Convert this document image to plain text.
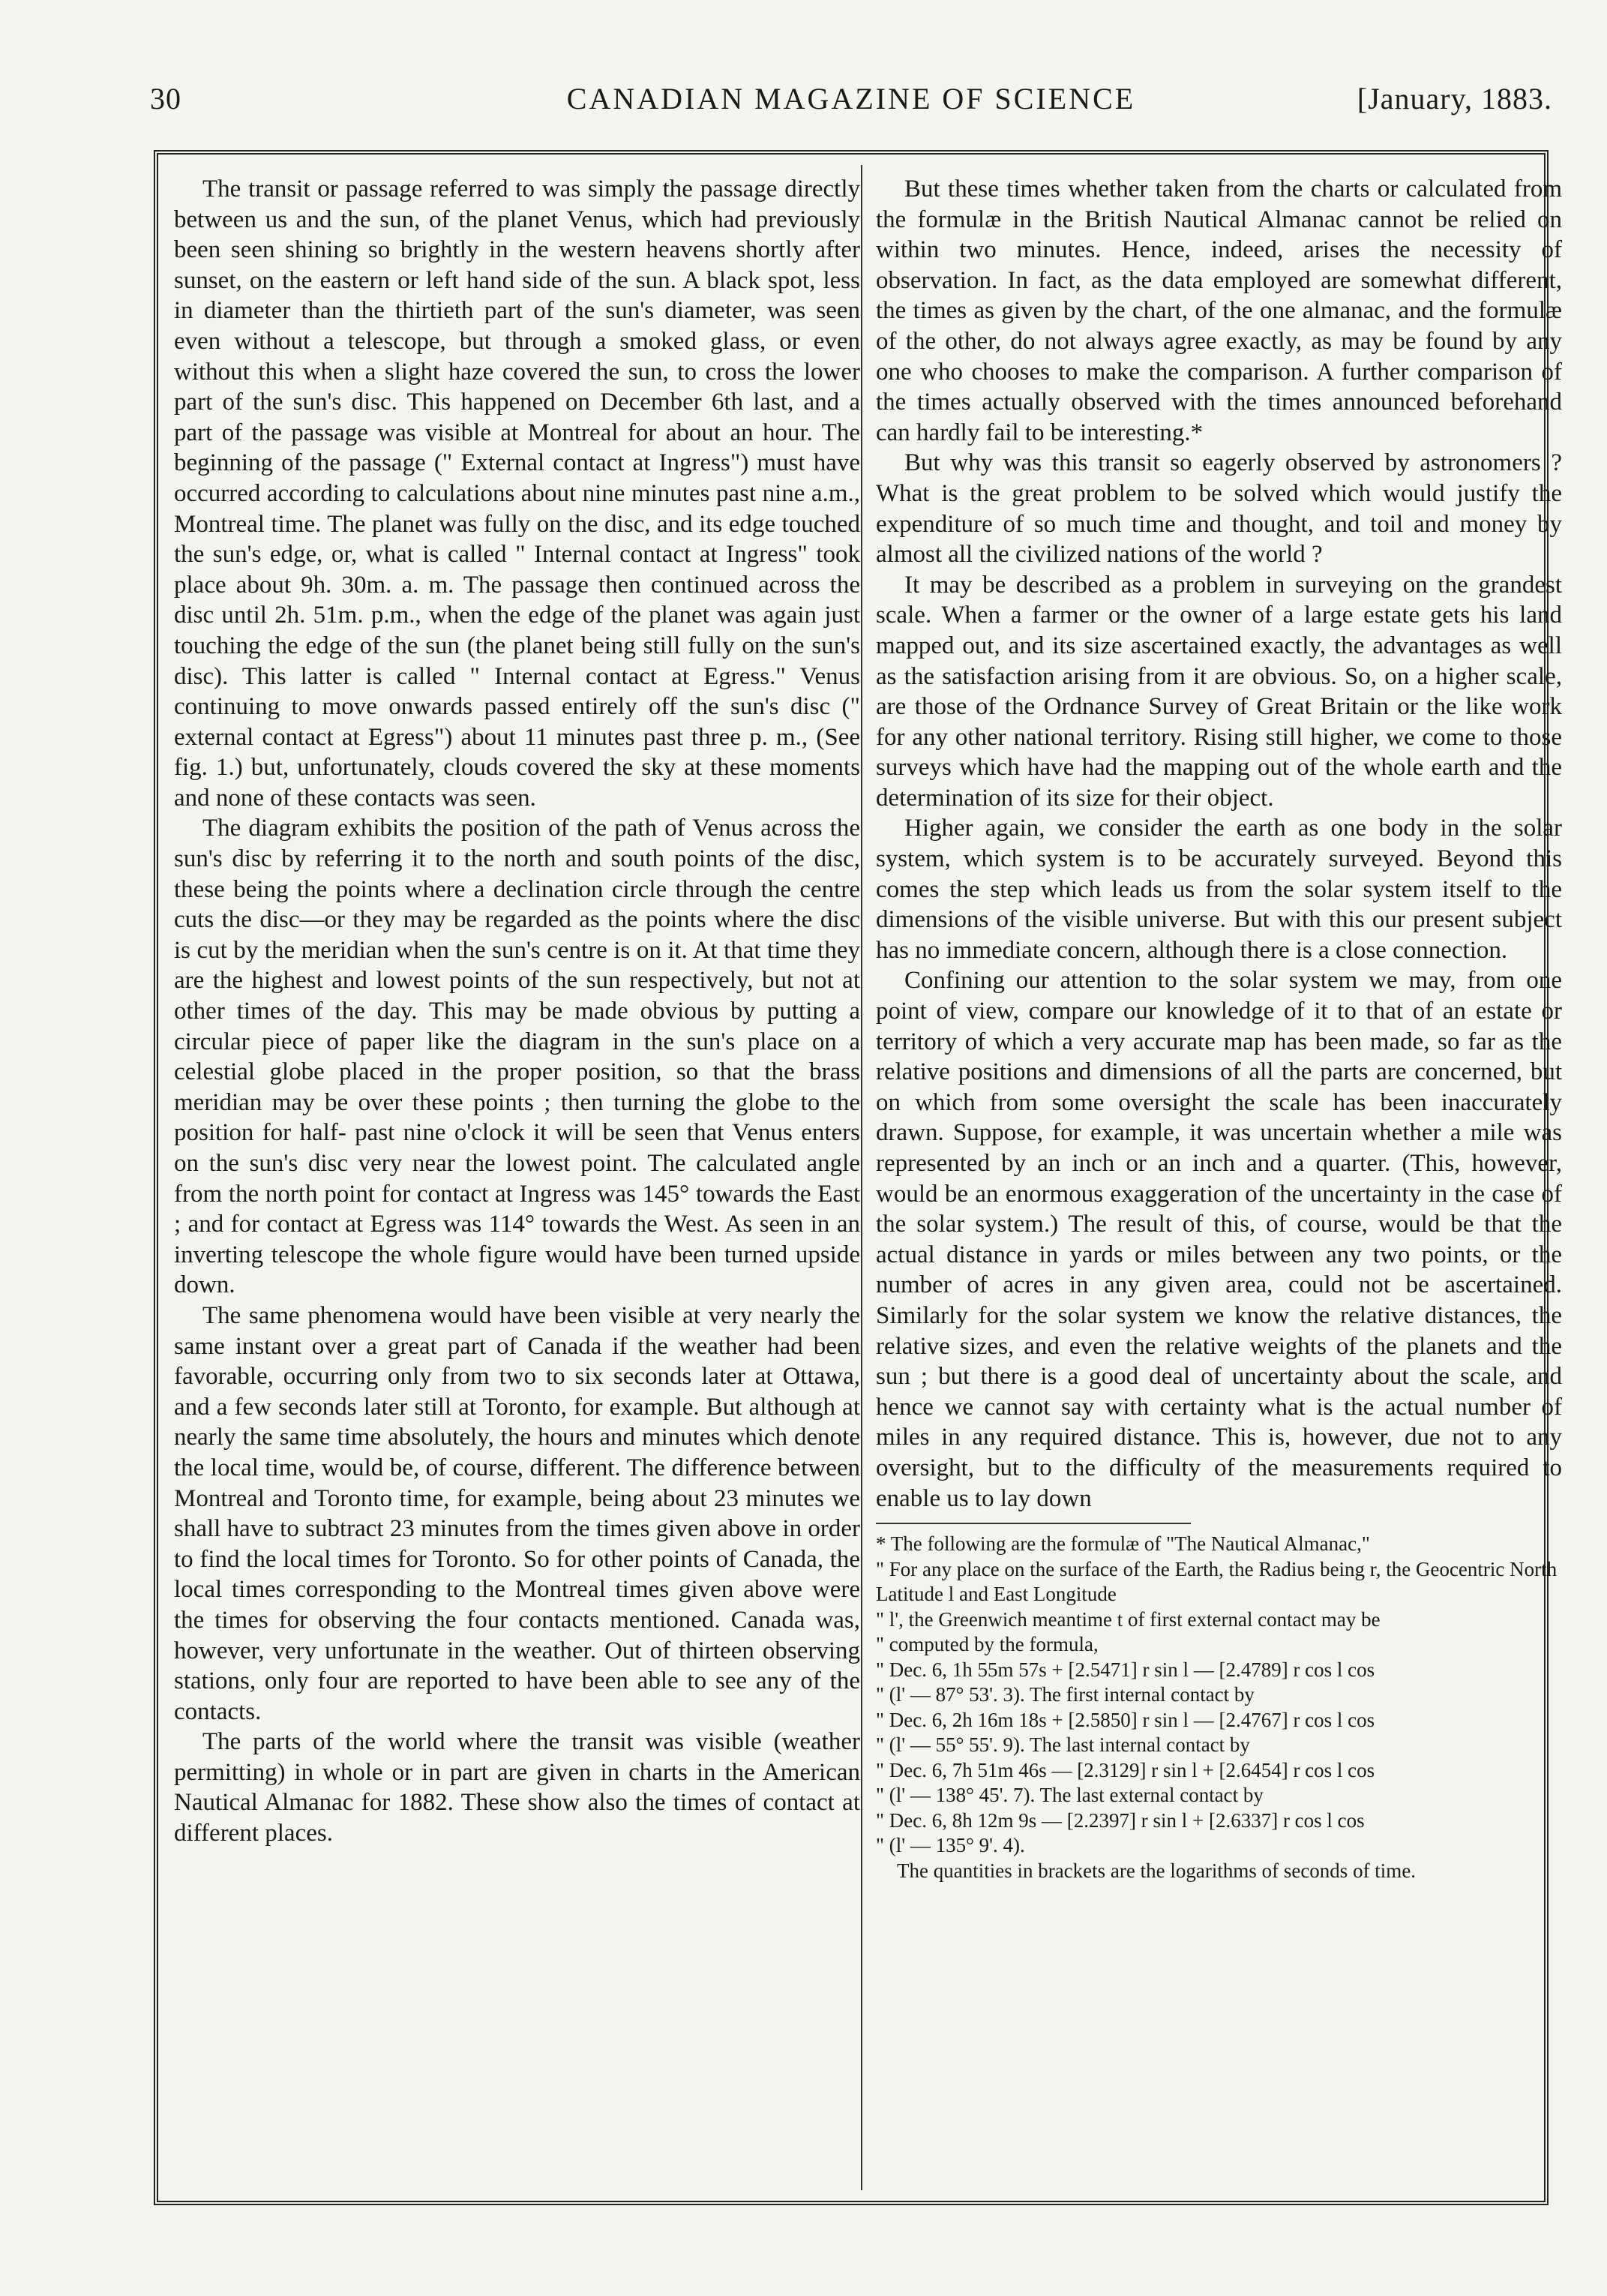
30	CANADIAN MAGAZINE OF SCIENCE	[January, 1883.

The transit or passage referred to was simply the passage directly between us and the sun, of the planet Venus, which had previously been seen shining so brightly in the western heavens shortly after sunset, on the eastern or left hand side of the sun. A black spot, less in diameter than the thirtieth part of the sun's diameter, was seen even without a telescope, but through a smoked glass, or even without this when a slight haze covered the sun, to cross the lower part of the sun's disc. This happened on December 6th last, and a part of the passage was visible at Montreal for about an hour. The beginning of the passage (" External contact at Ingress") must have occurred according to calculations about nine minutes past nine a.m., Montreal time. The planet was fully on the disc, and its edge touched the sun's edge, or, what is called " Internal contact at Ingress" took place about 9h. 30m. a. m. The passage then continued across the disc until 2h. 51m. p.m., when the edge of the planet was again just touching the edge of the sun (the planet being still fully on the sun's disc). This latter is called " Internal contact at Egress." Venus continuing to move onwards passed entirely off the sun's disc (" external contact at Egress") about 11 minutes past three p. m., (See fig. 1.) but, unfortunately, clouds covered the sky at these moments and none of these contacts was seen.

The diagram exhibits the position of the path of Venus across the sun's disc by referring it to the north and south points of the disc, these being the points where a declination circle through the centre cuts the disc—or they may be regarded as the points where the disc is cut by the meridian when the sun's centre is on it. At that time they are the highest and lowest points of the sun respectively, but not at other times of the day. This may be made obvious by putting a circular piece of paper like the diagram in the sun's place on a celestial globe placed in the proper position, so that the brass meridian may be over these points ; then turning the globe to the position for half- past nine o'clock it will be seen that Venus enters on the sun's disc very near the lowest point. The calculated angle from the north point for contact at Ingress was 145° towards the East ; and for contact at Egress was 114° towards the West. As seen in an inverting telescope the whole figure would have been turned upside down.

The same phenomena would have been visible at very nearly the same instant over a great part of Canada if the weather had been favorable, occurring only from two to six seconds later at Ottawa, and a few seconds later still at Toronto, for example. But although at nearly the same time absolutely, the hours and minutes which denote the local time, would be, of course, different. The difference between Montreal and Toronto time, for example, being about 23 minutes we shall have to subtract 23 minutes from the times given above in order to find the local times for Toronto. So for other points of Canada, the local times corresponding to the Montreal times given above were the times for observing the four contacts mentioned. Canada was, however, very unfortunate in the weather. Out of thirteen observing stations, only four are reported to have been able to see any of the contacts.

The parts of the world where the transit was visible (weather permitting) in whole or in part are given in charts in the American Nautical Almanac for 1882. These show also the times of contact at different places.

But these times whether taken from the charts or calculated from the formulæ in the British Nautical Almanac cannot be relied on within two minutes. Hence, indeed, arises the necessity of observation. In fact, as the data employed are somewhat different, the times as given by the chart, of the one almanac, and the formulæ of the other, do not always agree exactly, as may be found by any one who chooses to make the comparison. A further comparison of the times actually observed with the times announced beforehand can hardly fail to be interesting.*

But why was this transit so eagerly observed by astronomers ? What is the great problem to be solved which would justify the expenditure of so much time and thought, and toil and money by almost all the civilized nations of the world ?

It may be described as a problem in surveying on the grandest scale. When a farmer or the owner of a large estate gets his land mapped out, and its size ascertained exactly, the advantages as well as the satisfaction arising from it are obvious. So, on a higher scale, are those of the Ordnance Survey of Great Britain or the like work for any other national territory. Rising still higher, we come to those surveys which have had the mapping out of the whole earth and the determination of its size for their object.

Higher again, we consider the earth as one body in the solar system, which system is to be accurately surveyed. Beyond this comes the step which leads us from the solar system itself to the dimensions of the visible universe. But with this our present subject has no immediate concern, although there is a close connection.

Confining our attention to the solar system we may, from one point of view, compare our knowledge of it to that of an estate or territory of which a very accurate map has been made, so far as the relative positions and dimensions of all the parts are concerned, but on which from some oversight the scale has been inaccurately drawn. Suppose, for example, it was uncertain whether a mile was represented by an inch or an inch and a quarter. (This, however, would be an enormous exaggeration of the uncertainty in the case of the solar system.) The result of this, of course, would be that the actual distance in yards or miles between any two points, or the number of acres in any given area, could not be ascertained. Similarly for the solar system we know the relative distances, the relative sizes, and even the relative weights of the planets and the sun ; but there is a good deal of uncertainty about the scale, and hence we cannot say with certainty what is the actual number of miles in any required distance. This is, however, due not to any oversight, but to the difficulty of the measurements required to enable us to lay down

* The following are the formulæ of "The Nautical Almanac,"

" For any place on the surface of the Earth, the Radius being r, the Geocentric North Latitude l and East Longitude

" l', the Greenwich meantime t of first external contact may be

" computed by the formula,

" Dec. 6, 1h 55m 57s + [2.5471] r sin l — [2.4789] r cos l cos

" (l' — 87° 53'. 3). The first internal contact by

" Dec. 6, 2h 16m 18s + [2.5850] r sin l — [2.4767] r cos l cos

" (l' — 55° 55'. 9). The last internal contact by

" Dec. 6, 7h 51m 46s — [2.3129] r sin l + [2.6454] r cos l cos

" (l' — 138° 45'. 7). The last external contact by

" Dec. 6, 8h 12m 9s — [2.2397] r sin l + [2.6337] r cos l cos

" (l' — 135° 9'. 4).

The quantities in brackets are the logarithms of seconds of time.
